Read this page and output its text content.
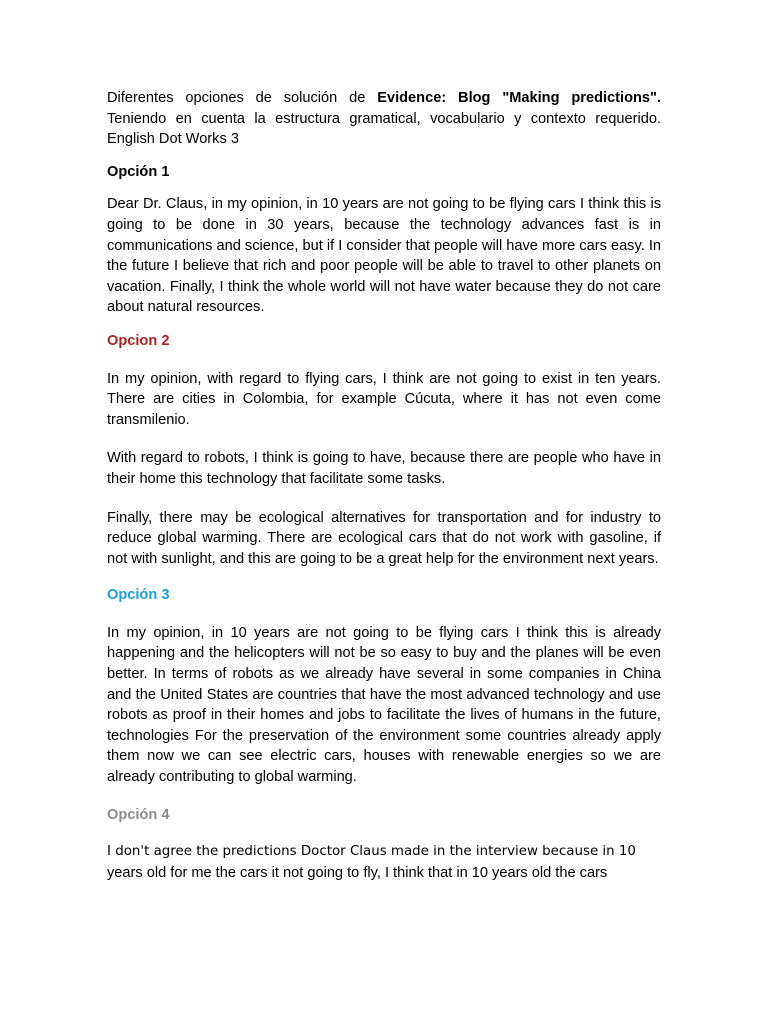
Diferentes opciones de solución de Evidence: Blog "Making predictions". Teniendo en cuenta la estructura gramatical, vocabulario y contexto requerido. English Dot Works 3

Opción 1

Dear Dr. Claus, in my opinion, in 10 years are not going to be flying cars I think this is going to be done in 30 years, because the technology advances fast is in communications and science, but if I consider that people will have more cars easy. In the future I believe that rich and poor people will be able to travel to other planets on vacation. Finally, I think the whole world will not have water because they do not care about natural resources.

Opcion 2

In my opinion, with regard to flying cars, I think are not going to exist in ten years. There are cities in Colombia, for example Cúcuta, where it has not even come transmilenio.

With regard to robots, I think is going to have, because there are people who have in their home this technology that facilitate some tasks.

Finally, there may be ecological alternatives for transportation and for industry to reduce global warming. There are ecological cars that do not work with gasoline, if not with sunlight, and this are going to be a great help for the environment next years.

Opción 3

In my opinion, in 10 years are not going to be flying cars I think this is already happening and the helicopters will not be so easy to buy and the planes will be even better. In terms of robots as we already have several in some companies in China and the United States are countries that have the most advanced technology and use robots as proof in their homes and jobs to facilitate the lives of humans in the future, technologies For the preservation of the environment some countries already apply them now we can see electric cars, houses with renewable energies so we are already contributing to global warming.

Opción 4

I don't agree the predictions Doctor Claus made in the interview because in 10
years old for me the cars it not going to fly, I think that in 10 years old the cars
